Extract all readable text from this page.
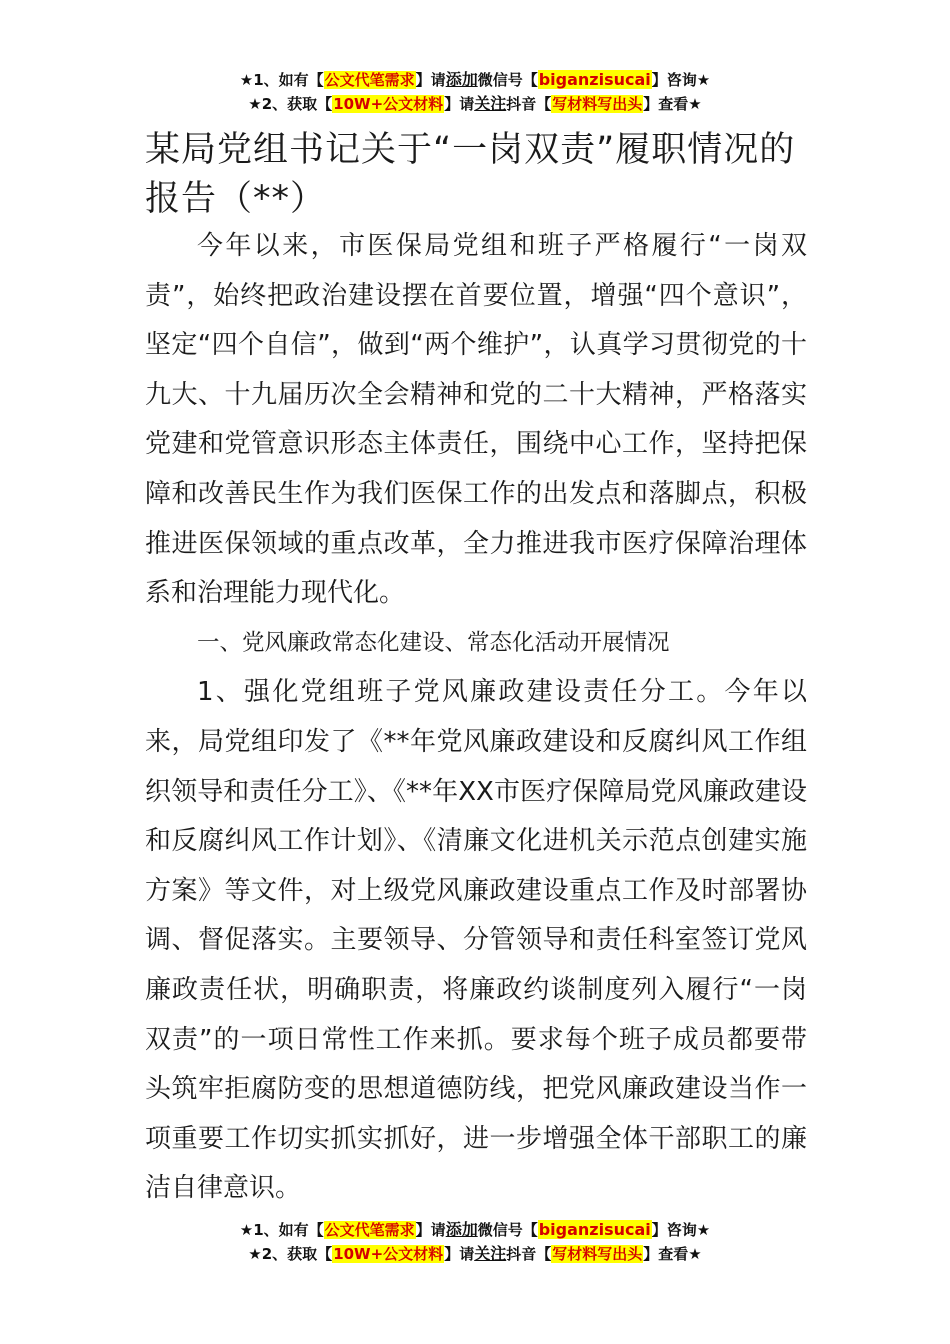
★1、如有【公文代笔需求】请添加微信号【biganzisucai】咨询★
★2、获取【10W+公文材料】请关注抖音【写材料写出头】查看★
某局党组书记关于“一岗双责”履职情况的报告（**）

今年以来，市医保局党组和班子严格履行“一岗双责”，始终把政治建设摆在首要位置，增强“四个意识”，坚定“四个自信”，做到“两个维护”，认真学习贯彻党的十九大、十九届历次全会精神和党的二十大精神，严格落实党建和党管意识形态主体责任，围绕中心工作，坚持把保障和改善民生作为我们医保工作的出发点和落脚点，积极推进医保领域的重点改革，全力推进我市医疗保障治理体系和治理能力现代化。

一、党风廉政常态化建设、常态化活动开展情况

1、强化党组班子党风廉政建设责任分工。今年以来，局党组印发了《**年党风廉政建设和反腐纠风工作组织领导和责任分工》、《**年XX市医疗保障局党风廉政建设和反腐纠风工作计划》、《清廉文化进机关示范点创建实施方案》等文件，对上级党风廉政建设重点工作及时部署协调、督促落实。主要领导、分管领导和责任科室签订党风廉政责任状，明确职责，将廉政约谈制度列入履行“一岗双责”的一项日常性工作来抓。要求每个班子成员都要带头筑牢拒腐防变的思想道德防线，把党风廉政建设当作一项重要工作切实抓实抓好，进一步增强全体干部职工的廉洁自律意识。

★1、如有【公文代笔需求】请添加微信号【biganzisucai】咨询★
★2、获取【10W+公文材料】请关注抖音【写材料写出头】查看★
